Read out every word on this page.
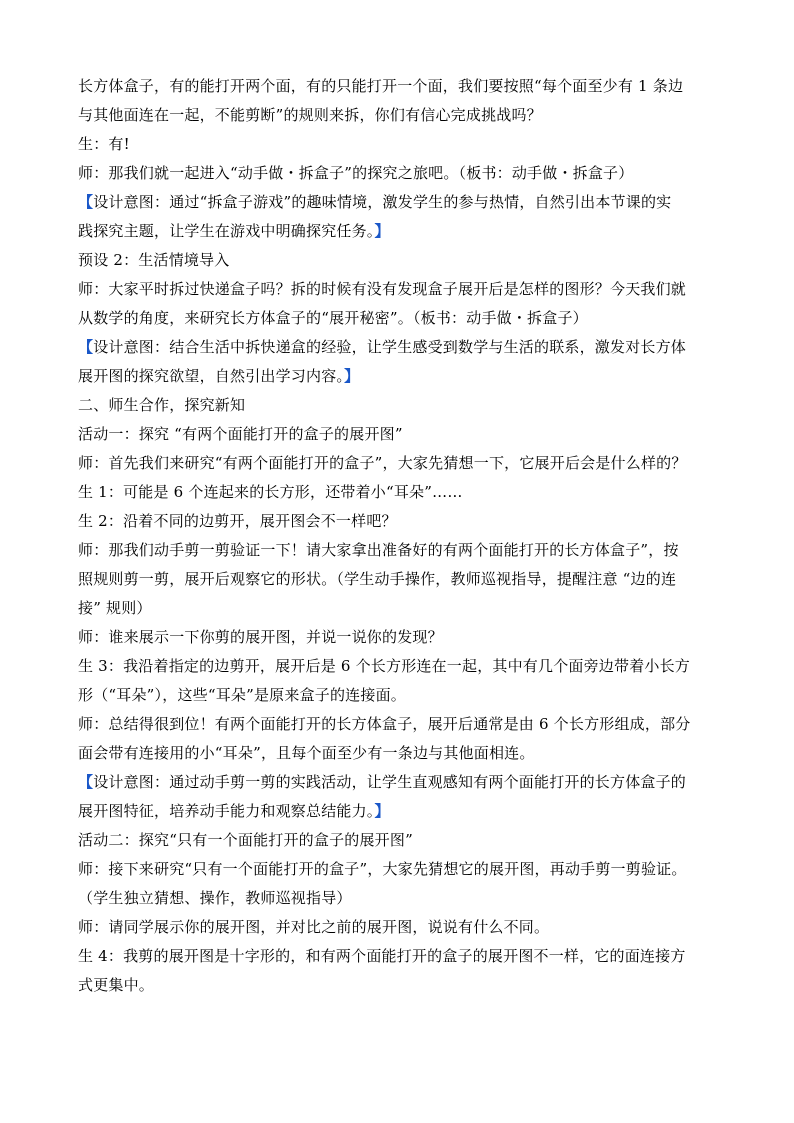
长方体盒子，有的能打开两个面，有的只能打开一个面，我们要按照“每个面至少有 1 条边
与其他面连在一起，不能剪断”的规则来拆，你们有信心完成挑战吗？
生：有!
师：那我们就一起进入“动手做・拆盒子”的探究之旅吧。（板书：动手做・拆盒子）
【设计意图：通过“拆盒子游戏”的趣味情境，激发学生的参与热情，自然引出本节课的实
践探究主题，让学生在游戏中明确探究任务。】
预设 2：生活情境导入
师：大家平时拆过快递盒子吗？拆的时候有没有发现盒子展开后是怎样的图形？今天我们就
从数学的角度，来研究长方体盒子的“展开秘密”。（板书：动手做・拆盒子）
【设计意图：结合生活中拆快递盒的经验，让学生感受到数学与生活的联系，激发对长方体
展开图的探究欲望，自然引出学习内容。】
二、师生合作，探究新知
活动一：探究 “有两个面能打开的盒子的展开图”
师：首先我们来研究“有两个面能打开的盒子”，大家先猜想一下，它展开后会是什么样的？
生 1：可能是 6 个连起来的长方形，还带着小“耳朵”……
生 2：沿着不同的边剪开，展开图会不一样吧？
师：那我们动手剪一剪验证一下！请大家拿出准备好的有两个面能打开的长方体盒子”，按
照规则剪一剪，展开后观察它的形状。（学生动手操作，教师巡视指导，提醒注意 “边的连
接” 规则）
师：谁来展示一下你剪的展开图，并说一说你的发现？
生 3：我沿着指定的边剪开，展开后是 6 个长方形连在一起，其中有几个面旁边带着小长方
形（“耳朵”），这些“耳朵”是原来盒子的连接面。
师：总结得很到位！有两个面能打开的长方体盒子，展开后通常是由 6 个长方形组成，部分
面会带有连接用的小“耳朵”，且每个面至少有一条边与其他面相连。
【设计意图：通过动手剪一剪的实践活动，让学生直观感知有两个面能打开的长方体盒子的
展开图特征，培养动手能力和观察总结能力。】
活动二：探究“只有一个面能打开的盒子的展开图”
师：接下来研究“只有一个面能打开的盒子”，大家先猜想它的展开图，再动手剪一剪验证。
（学生独立猜想、操作，教师巡视指导）
师：请同学展示你的展开图，并对比之前的展开图，说说有什么不同。
生 4：我剪的展开图是十字形的，和有两个面能打开的盒子的展开图不一样，它的面连接方
式更集中。
